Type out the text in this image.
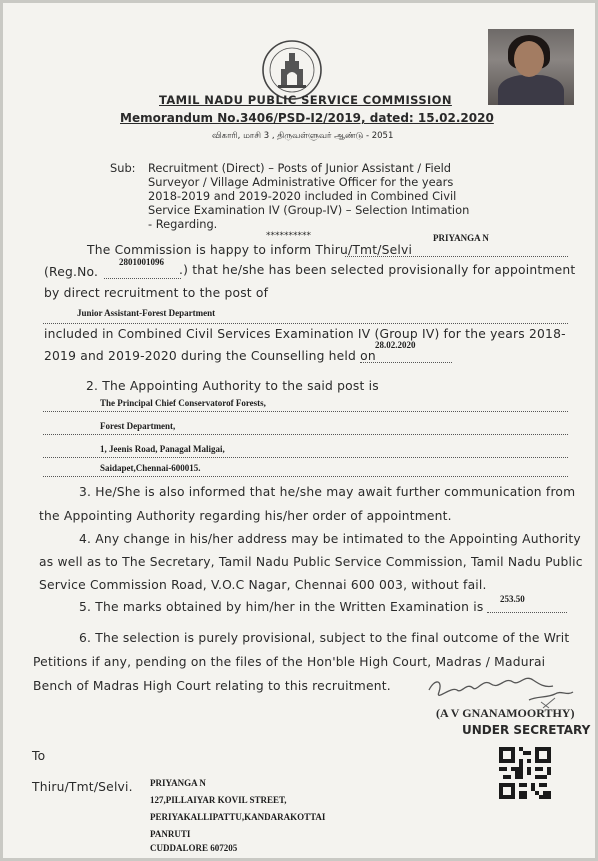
TAMIL NADU PUBLIC SERVICE COMMISSION
Memorandum No.3406/PSD-I2/2019, dated: 15.02.2020
விகாரி, மாசி 3 , திருவள்ளுவர் ஆண்டு - 2051
Sub: Recruitment (Direct) – Posts of Junior Assistant / Field
Surveyor / Village Administrative Officer for the years
2018-2019 and 2019-2020 included in Combined Civil
Service Examination IV (Group-IV) – Selection Intimation
- Regarding.
**********
The Commission is happy to inform Thiru/Tmt/Selvi
PRIYANGA N
(Reg.No.
2801001096
.) that he/she has been selected provisionally for appointment
by direct recruitment to the post of
Junior Assistant-Forest Department
included in Combined Civil Services Examination IV (Group IV) for the years 2018-
2019 and 2019-2020 during the Counselling held on
28.02.2020
2. The Appointing Authority to the said post is
The Principal Chief Conservatorof Forests,
Forest Department,
1, Jeenis Road, Panagal Maligai,
Saidapet,Chennai-600015.
3. He/She is also informed that he/she may await further communication from
the Appointing Authority regarding his/her order of appointment.
4. Any change in his/her address may be intimated to the Appointing Authority
as well as to The Secretary, Tamil Nadu Public Service Commission, Tamil Nadu Public
Service Commission Road, V.O.C Nagar, Chennai 600 003, without fail.
5. The marks obtained by him/her in the Written Examination is
253.50
6. The selection is purely provisional, subject to the final outcome of the Writ
Petitions if any, pending on the files of the Hon'ble High Court, Madras / Madurai
Bench of Madras High Court relating to this recruitment.
(A V GNANAMOORTHY)
UNDER SECRETARY
To
Thiru/Tmt/Selvi. PRIYANGA N
127,PILLAIYAR KOVIL STREET,
PERIYAKALLIPATTU,KANDARAKOTTAI
PANRUTI
CUDDALORE 607205
